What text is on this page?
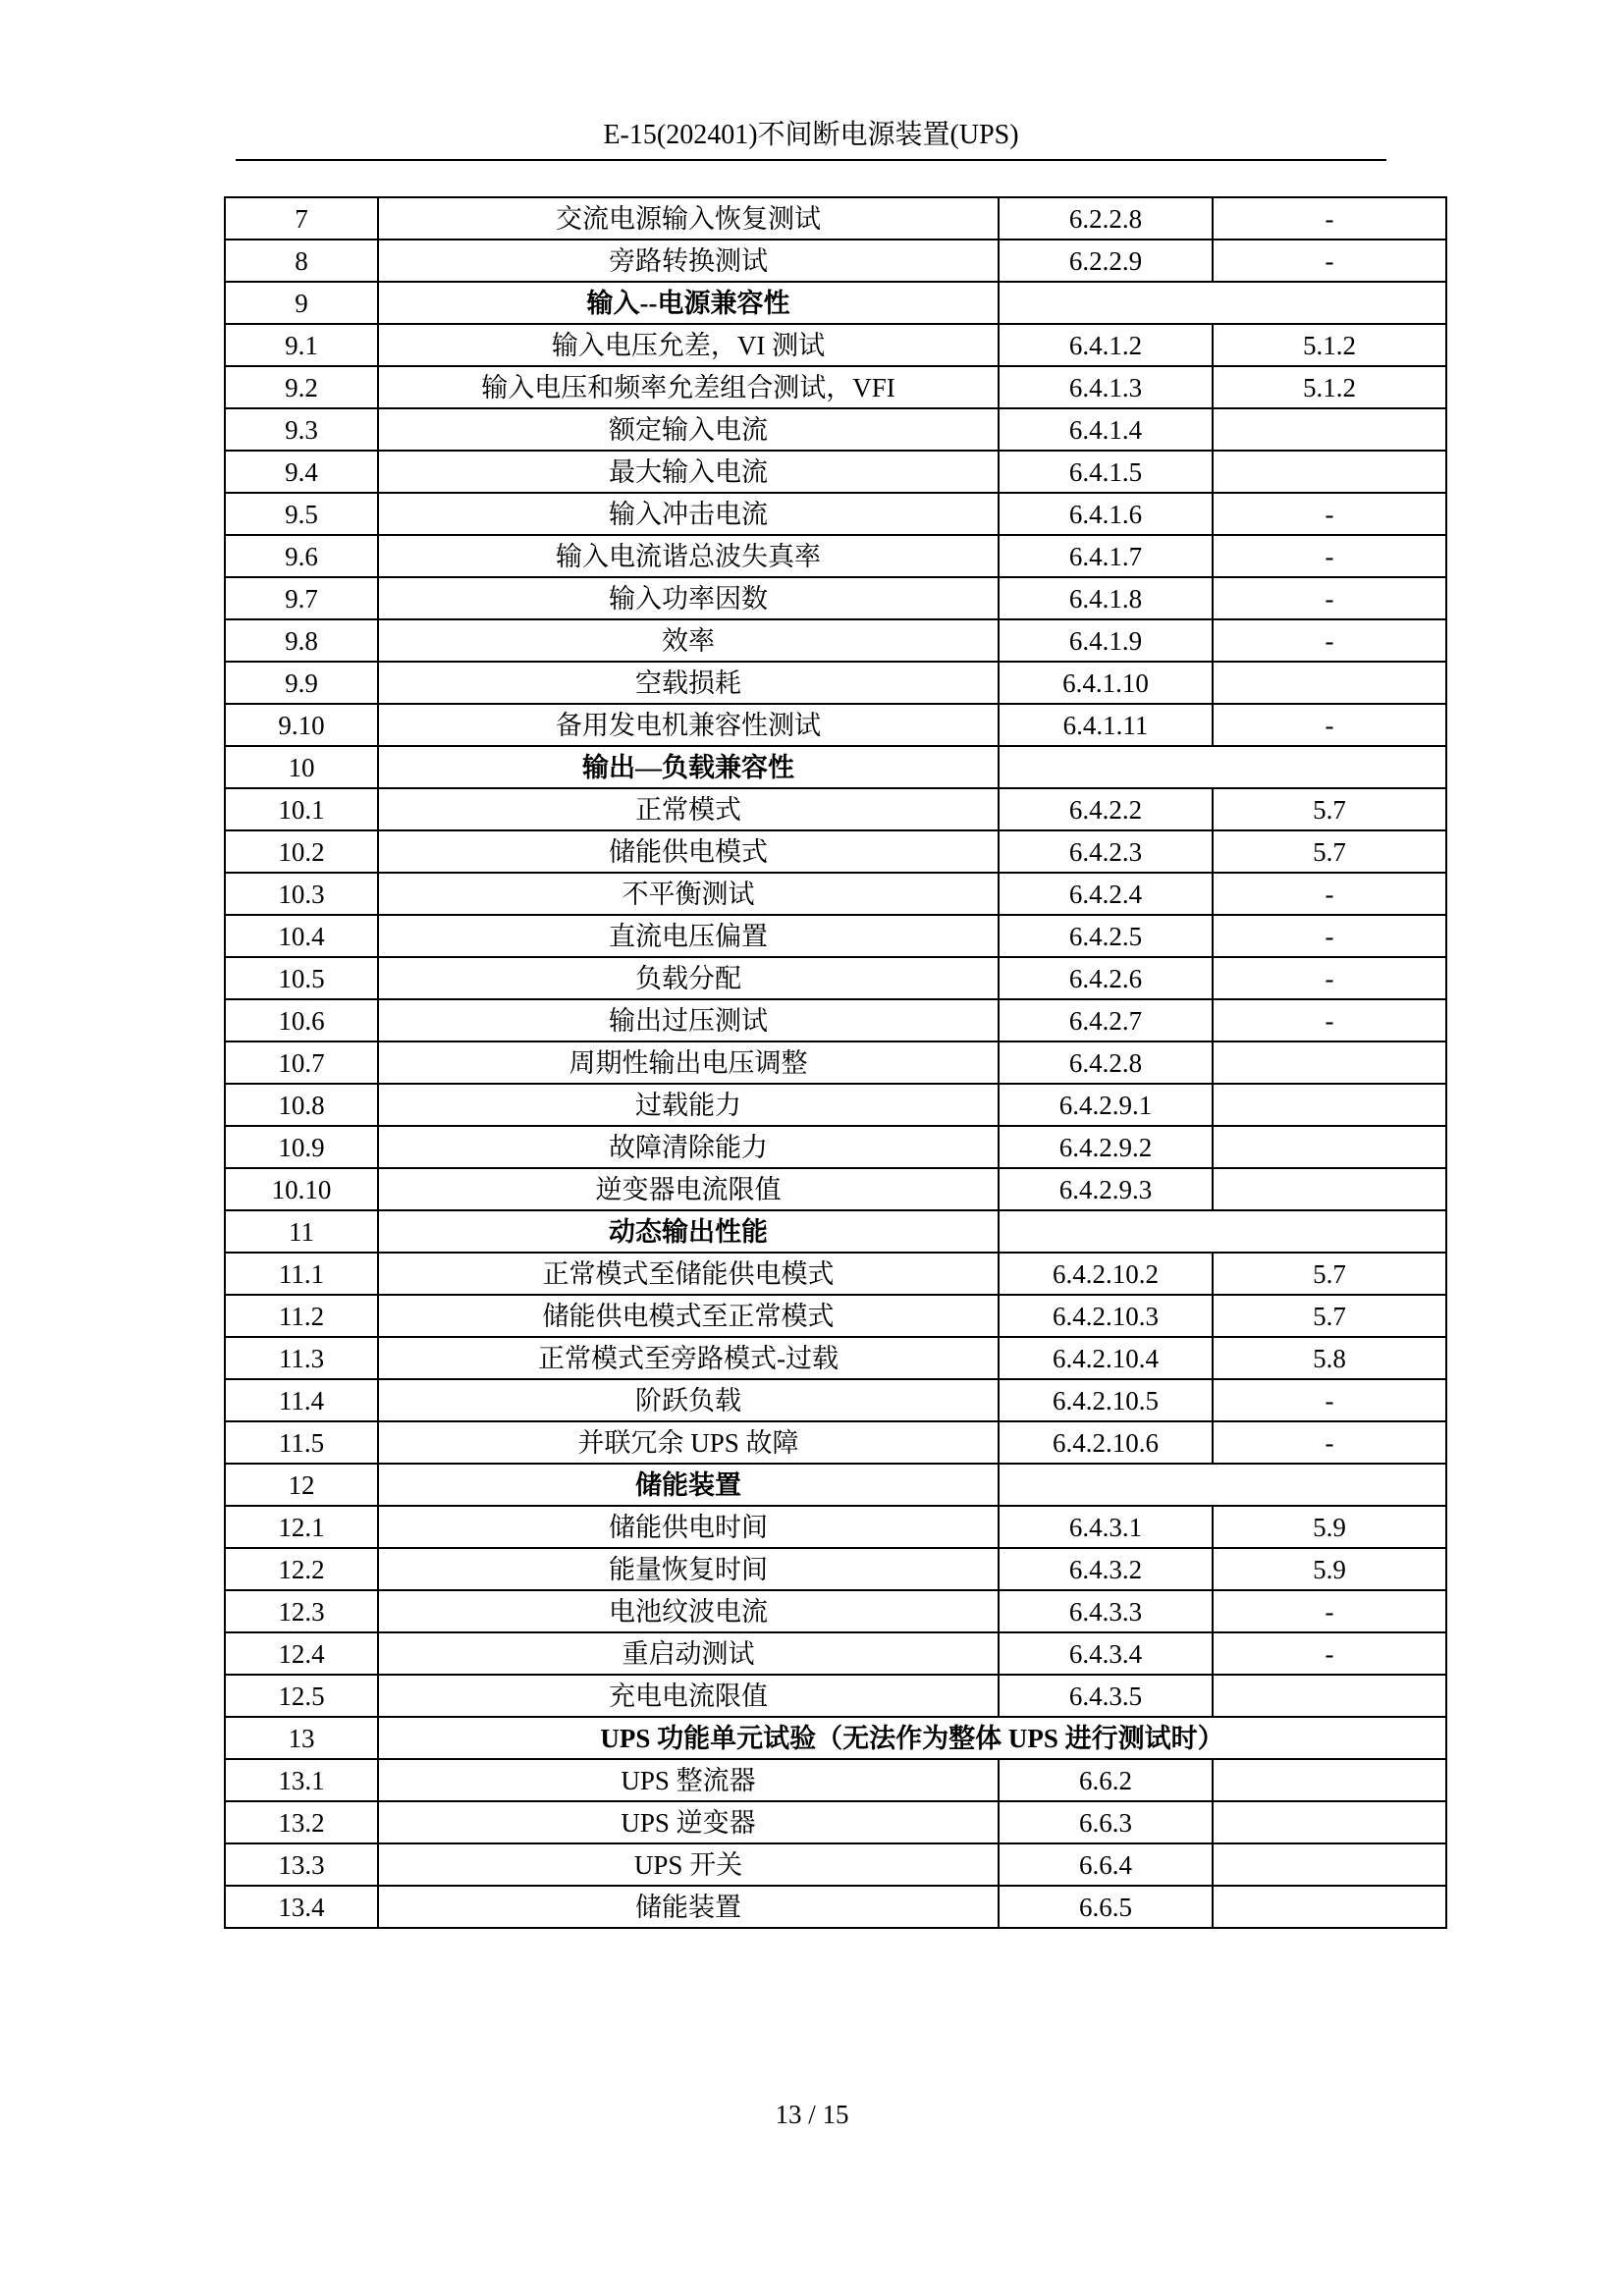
E-15(202401)不间断电源装置(UPS)
7	交流电源输入恢复测试	6.2.2.8	-
8	旁路转换测试	6.2.2.9	-
9	输入--电源兼容性		
9.1	输入电压允差，VI 测试	6.4.1.2	5.1.2
9.2	输入电压和频率允差组合测试，VFI	6.4.1.3	5.1.2
9.3	额定输入电流	6.4.1.4	
9.4	最大输入电流	6.4.1.5	
9.5	输入冲击电流	6.4.1.6	-
9.6	输入电流谐总波失真率	6.4.1.7	-
9.7	输入功率因数	6.4.1.8	-
9.8	效率	6.4.1.9	-
9.9	空载损耗	6.4.1.10	
9.10	备用发电机兼容性测试	6.4.1.11	-
10	输出—负载兼容性		
10.1	正常模式	6.4.2.2	5.7
10.2	储能供电模式	6.4.2.3	5.7
10.3	不平衡测试	6.4.2.4	-
10.4	直流电压偏置	6.4.2.5	-
10.5	负载分配	6.4.2.6	-
10.6	输出过压测试	6.4.2.7	-
10.7	周期性输出电压调整	6.4.2.8	
10.8	过载能力	6.4.2.9.1	
10.9	故障清除能力	6.4.2.9.2	
10.10	逆变器电流限值	6.4.2.9.3	
11	动态输出性能		
11.1	正常模式至储能供电模式	6.4.2.10.2	5.7
11.2	储能供电模式至正常模式	6.4.2.10.3	5.7
11.3	正常模式至旁路模式-过载	6.4.2.10.4	5.8
11.4	阶跃负载	6.4.2.10.5	-
11.5	并联冗余 UPS 故障	6.4.2.10.6	-
12	储能装置		
12.1	储能供电时间	6.4.3.1	5.9
12.2	能量恢复时间	6.4.3.2	5.9
12.3	电池纹波电流	6.4.3.3	-
12.4	重启动测试	6.4.3.4	-
12.5	充电电流限值	6.4.3.5	
13	UPS 功能单元试验（无法作为整体 UPS 进行测试时）		
13.1	UPS 整流器	6.6.2	
13.2	UPS 逆变器	6.6.3	
13.3	UPS 开关	6.6.4	
13.4	储能装置	6.6.5	
13 / 15
